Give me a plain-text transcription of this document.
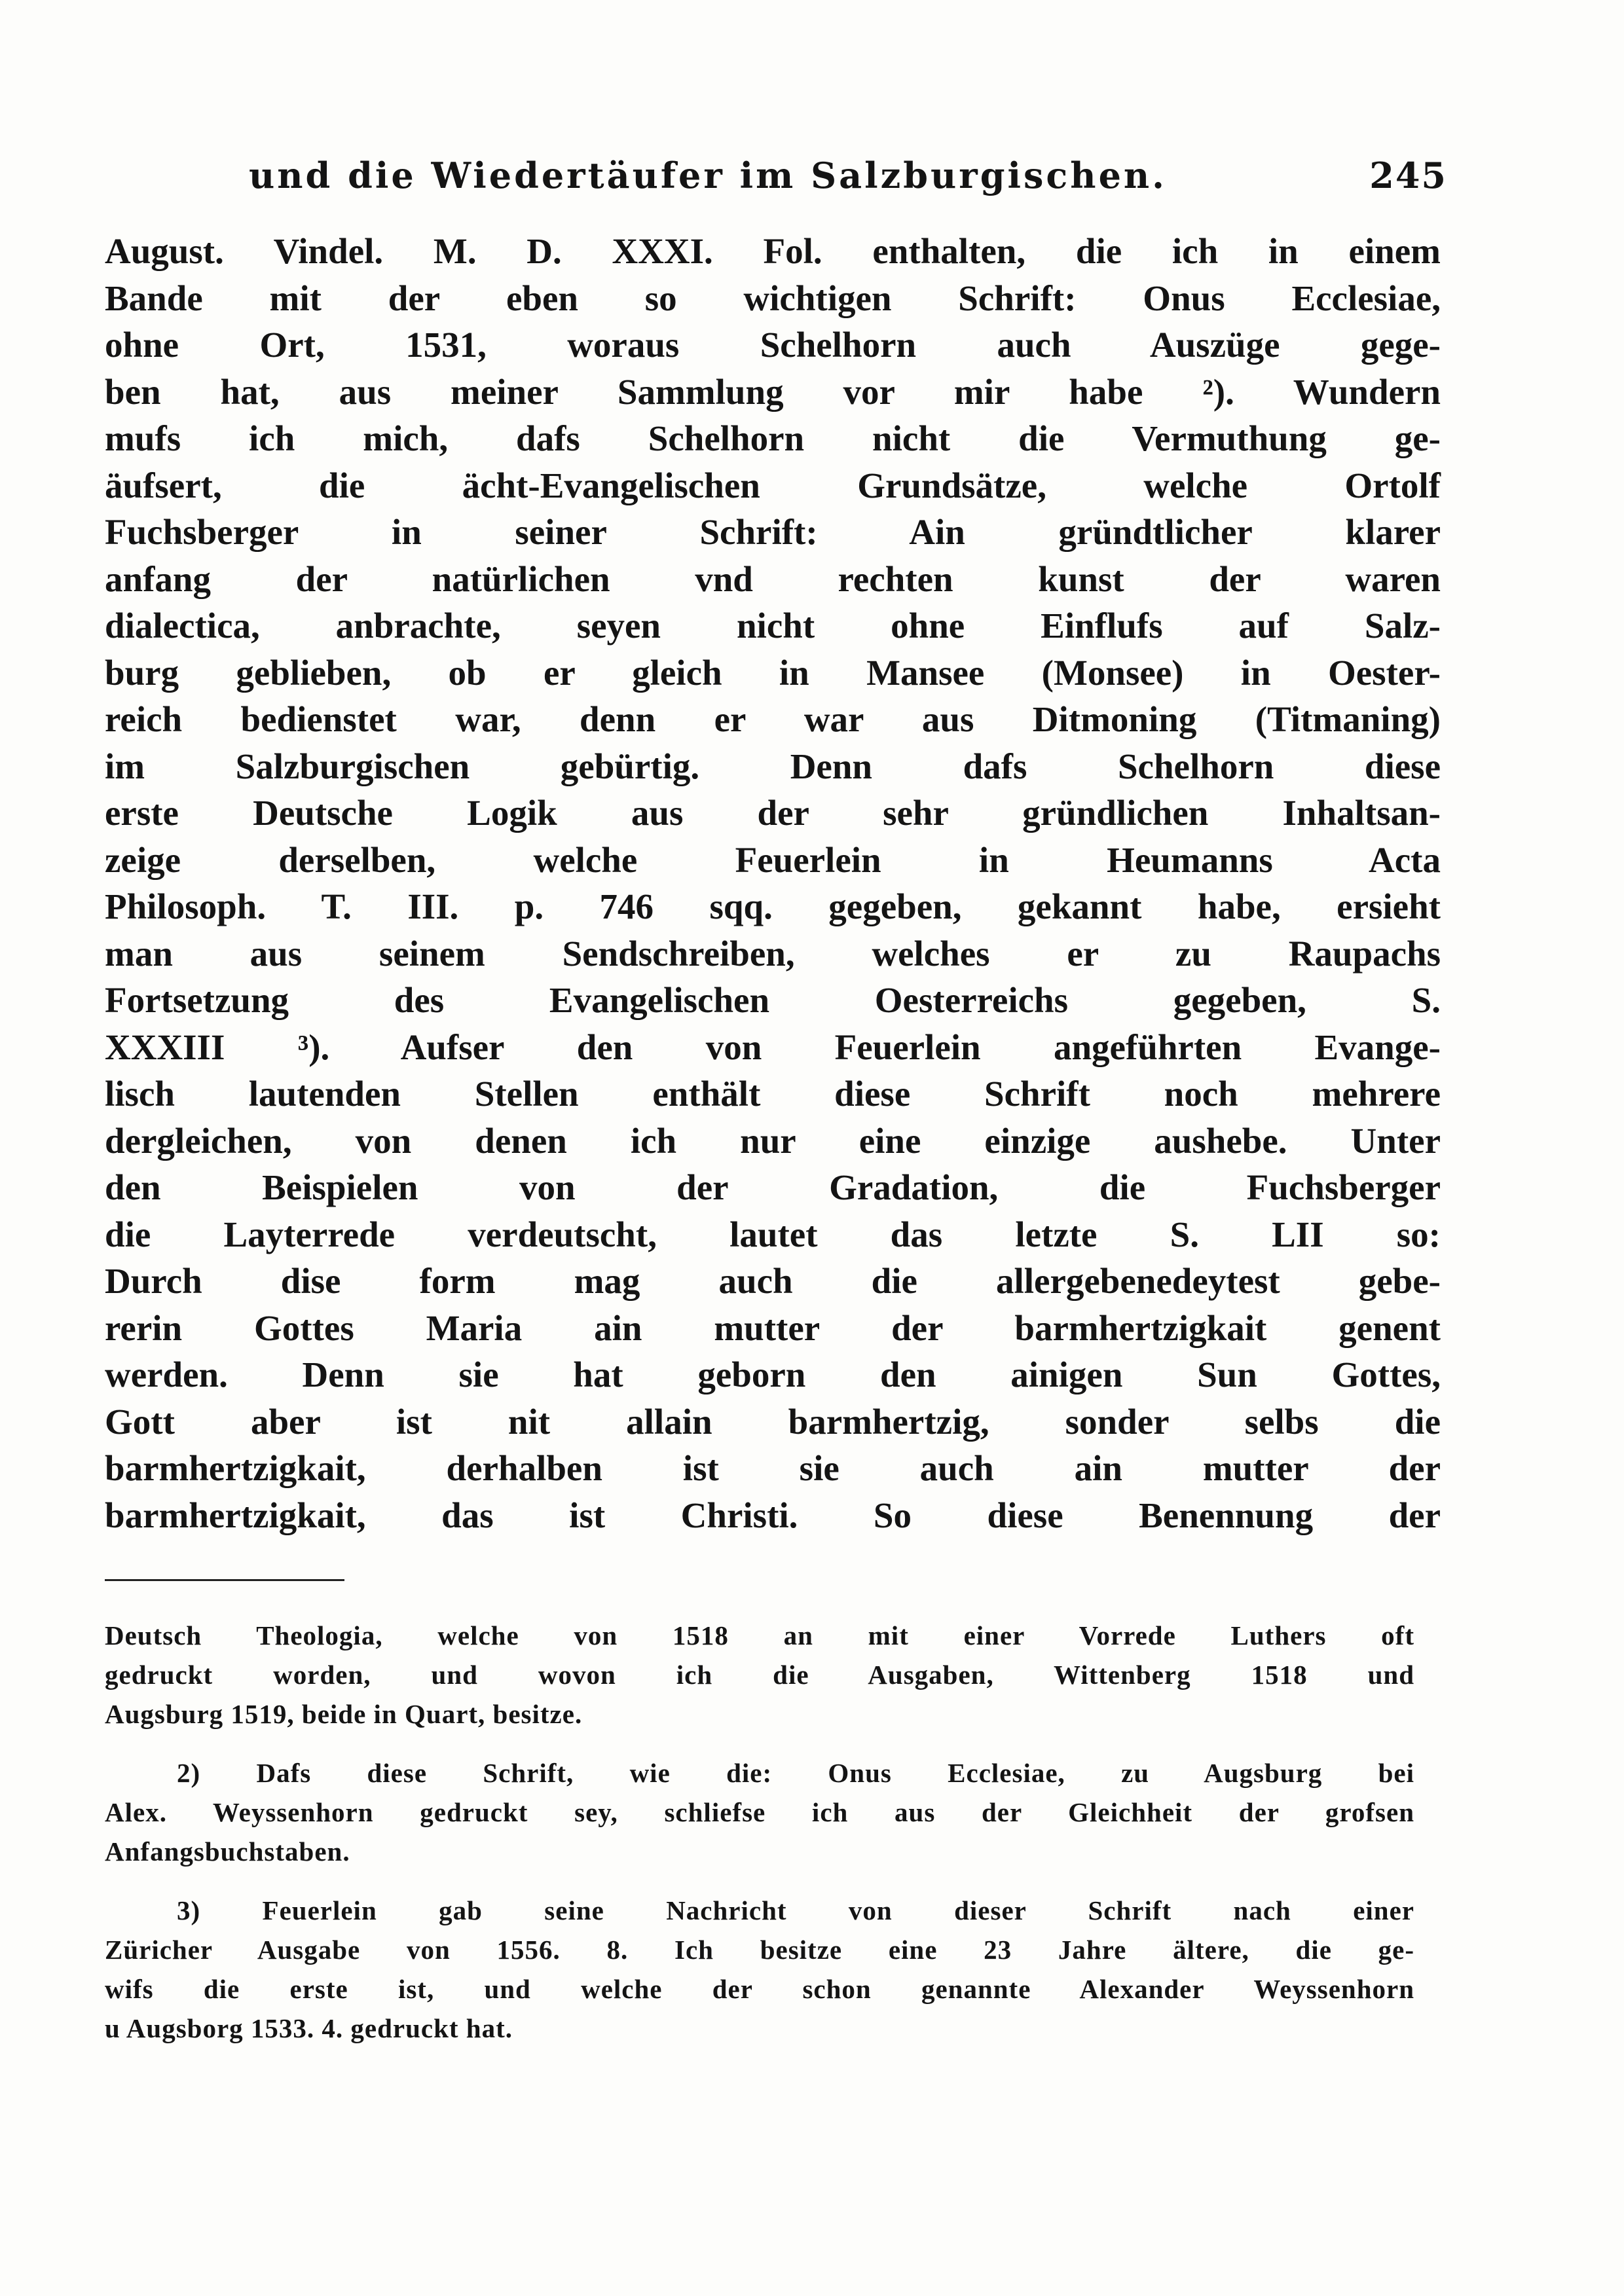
und die Wiedertäufer im Salzburgischen.	245
August. Vindel. M. D. XXXI. Fol. enthalten, die ich in einem
Bande mit der eben so wichtigen Schrift: Onus Ecclesiae,
ohne Ort, 1531, woraus Schelhorn auch Auszüge gege-
ben hat, aus meiner Sammlung vor mir habe ²). Wundern
mufs ich mich, dafs Schelhorn nicht die Vermuthung ge-
äufsert, die ächt-Evangelischen Grundsätze, welche Ortolf
Fuchsberger in seiner Schrift: Ain gründtlicher klarer
anfang der natürlichen vnd rechten kunst der waren
dialectica, anbrachte, seyen nicht ohne Einflufs auf Salz-
burg geblieben, ob er gleich in Mansee (Monsee) in Oester-
reich bedienstet war, denn er war aus Ditmoning (Titmaning)
im Salzburgischen gebürtig. Denn dafs Schelhorn diese
erste Deutsche Logik aus der sehr gründlichen Inhaltsan-
zeige derselben, welche Feuerlein in Heumanns Acta
Philosoph. T. III. p. 746 sqq. gegeben, gekannt habe, ersieht
man aus seinem Sendschreiben, welches er zu Raupachs
Fortsetzung des Evangelischen Oesterreichs gegeben, S.
XXXIII ³). Aufser den von Feuerlein angeführten Evange-
lisch lautenden Stellen enthält diese Schrift noch mehrere
dergleichen, von denen ich nur eine einzige aushebe. Unter
den Beispielen von der Gradation, die Fuchsberger
die Layterrede verdeutscht, lautet das letzte S. LII so:
Durch dise form mag auch die allergebenedeytest gebe-
rerin Gottes Maria ain mutter der barmhertzigkait genent
werden. Denn sie hat geborn den ainigen Sun Gottes,
Gott aber ist nit allain barmhertzig, sonder selbs die
barmhertzigkait, derhalben ist sie auch ain mutter der
barmhertzigkait, das ist Christi. So diese Benennung der
Deutsch Theologia, welche von 1518 an mit einer Vorrede Luthers oft
gedruckt worden, und wovon ich die Ausgaben, Wittenberg 1518 und
Augsburg 1519, beide in Quart, besitze.
2) Dafs diese Schrift, wie die: Onus Ecclesiae, zu Augsburg bei
Alex. Weyssenhorn gedruckt sey, schliefse ich aus der Gleichheit der grofsen
Anfangsbuchstaben.
3) Feuerlein gab seine Nachricht von dieser Schrift nach einer
Züricher Ausgabe von 1556. 8. Ich besitze eine 23 Jahre ältere, die ge-
wifs die erste ist, und welche der schon genannte Alexander Weyssenhorn
u Augsborg 1533. 4. gedruckt hat.
